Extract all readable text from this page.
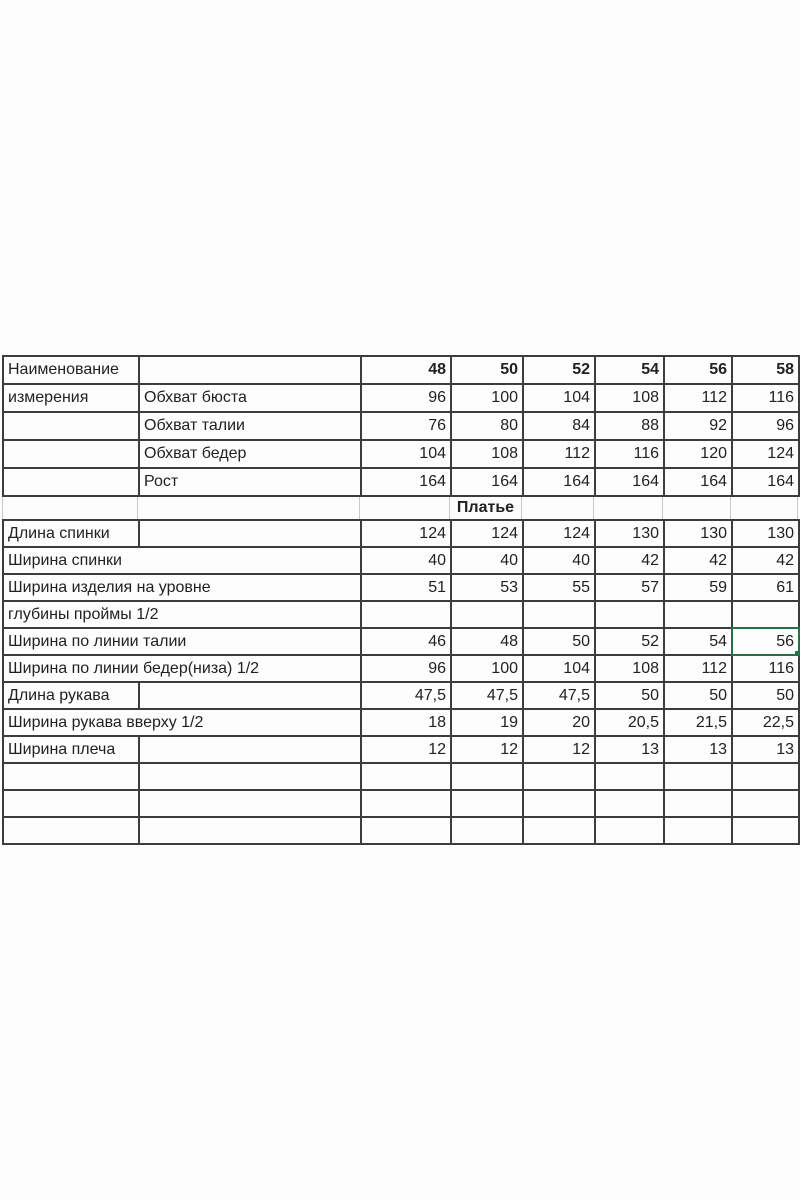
Наименование		48	50	52	54	56	58
измерения	Обхват бюста	96	100	104	108	112	116
	Обхват талии	76	80	84	88	92	96
	Обхват бедер	104	108	112	116	120	124
	Рост	164	164	164	164	164	164
Платье
Длина спинки		124	124	124	130	130	130
Ширина спинки		40	40	40	42	42	42
Ширина изделия на уровне		51	53	55	57	59	61
глубины проймы 1/2							
Ширина по линии талии		46	48	50	52	54	56
Ширина по линии бедер(низа) 1/2		96	100	104	108	112	116
Длина рукава		47,5	47,5	47,5	50	50	50
Ширина рукава вверху 1/2		18	19	20	20,5	21,5	22,5
Ширина плеча		12	12	12	13	13	13
